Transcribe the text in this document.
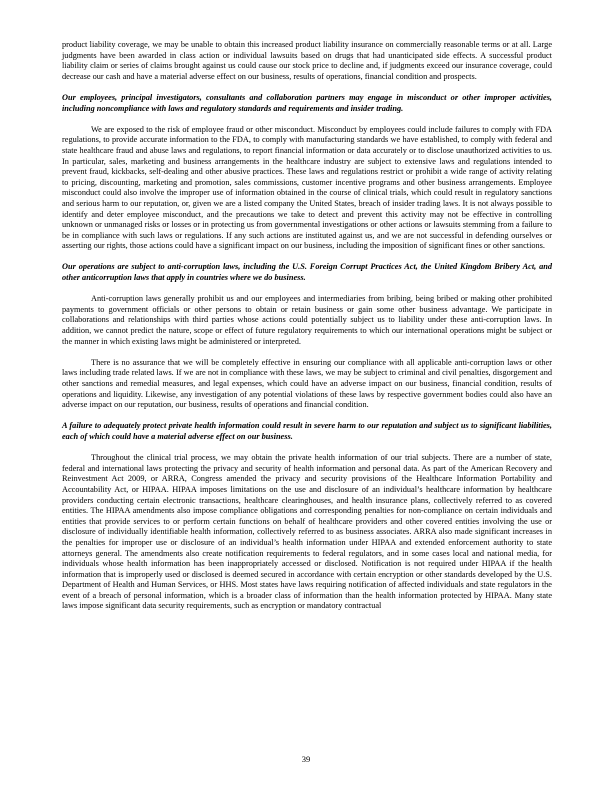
product liability coverage, we may be unable to obtain this increased product liability insurance on commercially reasonable terms or at all. Large judgments have been awarded in class action or individual lawsuits based on drugs that had unanticipated side effects. A successful product liability claim or series of claims brought against us could cause our stock price to decline and, if judgments exceed our insurance coverage, could decrease our cash and have a material adverse effect on our business, results of operations, financial condition and prospects.

Our employees, principal investigators, consultants and collaboration partners may engage in misconduct or other improper activities, including noncompliance with laws and regulatory standards and requirements and insider trading.

We are exposed to the risk of employee fraud or other misconduct. Misconduct by employees could include failures to comply with FDA regulations, to provide accurate information to the FDA, to comply with manufacturing standards we have established, to comply with federal and state healthcare fraud and abuse laws and regulations, to report financial information or data accurately or to disclose unauthorized activities to us. In particular, sales, marketing and business arrangements in the healthcare industry are subject to extensive laws and regulations intended to prevent fraud, kickbacks, self-dealing and other abusive practices. These laws and regulations restrict or prohibit a wide range of activity relating to pricing, discounting, marketing and promotion, sales commissions, customer incentive programs and other business arrangements. Employee misconduct could also involve the improper use of information obtained in the course of clinical trials, which could result in regulatory sanctions and serious harm to our reputation, or, given we are a listed company the United States, breach of insider trading laws. It is not always possible to identify and deter employee misconduct, and the precautions we take to detect and prevent this activity may not be effective in controlling unknown or unmanaged risks or losses or in protecting us from governmental investigations or other actions or lawsuits stemming from a failure to be in compliance with such laws or regulations. If any such actions are instituted against us, and we are not successful in defending ourselves or asserting our rights, those actions could have a significant impact on our business, including the imposition of significant fines or other sanctions.

Our operations are subject to anti-corruption laws, including the U.S. Foreign Corrupt Practices Act, the United Kingdom Bribery Act, and other anticorruption laws that apply in countries where we do business.

Anti-corruption laws generally prohibit us and our employees and intermediaries from bribing, being bribed or making other prohibited payments to government officials or other persons to obtain or retain business or gain some other business advantage. We participate in collaborations and relationships with third parties whose actions could potentially subject us to liability under these anti-corruption laws. In addition, we cannot predict the nature, scope or effect of future regulatory requirements to which our international operations might be subject or the manner in which existing laws might be administered or interpreted.

There is no assurance that we will be completely effective in ensuring our compliance with all applicable anti-corruption laws or other laws including trade related laws. If we are not in compliance with these laws, we may be subject to criminal and civil penalties, disgorgement and other sanctions and remedial measures, and legal expenses, which could have an adverse impact on our business, financial condition, results of operations and liquidity. Likewise, any investigation of any potential violations of these laws by respective government bodies could also have an adverse impact on our reputation, our business, results of operations and financial condition.

A failure to adequately protect private health information could result in severe harm to our reputation and subject us to significant liabilities, each of which could have a material adverse effect on our business.

Throughout the clinical trial process, we may obtain the private health information of our trial subjects. There are a number of state, federal and international laws protecting the privacy and security of health information and personal data. As part of the American Recovery and Reinvestment Act 2009, or ARRA, Congress amended the privacy and security provisions of the Healthcare Information Portability and Accountability Act, or HIPAA. HIPAA imposes limitations on the use and disclosure of an individual’s healthcare information by healthcare providers conducting certain electronic transactions, healthcare clearinghouses, and health insurance plans, collectively referred to as covered entities. The HIPAA amendments also impose compliance obligations and corresponding penalties for non-compliance on certain individuals and entities that provide services to or perform certain functions on behalf of healthcare providers and other covered entities involving the use or disclosure of individually identifiable health information, collectively referred to as business associates. ARRA also made significant increases in the penalties for improper use or disclosure of an individual’s health information under HIPAA and extended enforcement authority to state attorneys general. The amendments also create notification requirements to federal regulators, and in some cases local and national media, for individuals whose health information has been inappropriately accessed or disclosed. Notification is not required under HIPAA if the health information that is improperly used or disclosed is deemed secured in accordance with certain encryption or other standards developed by the U.S. Department of Health and Human Services, or HHS. Most states have laws requiring notification of affected individuals and state regulators in the event of a breach of personal information, which is a broader class of information than the health information protected by HIPAA. Many state laws impose significant data security requirements, such as encryption or mandatory contractual

39
